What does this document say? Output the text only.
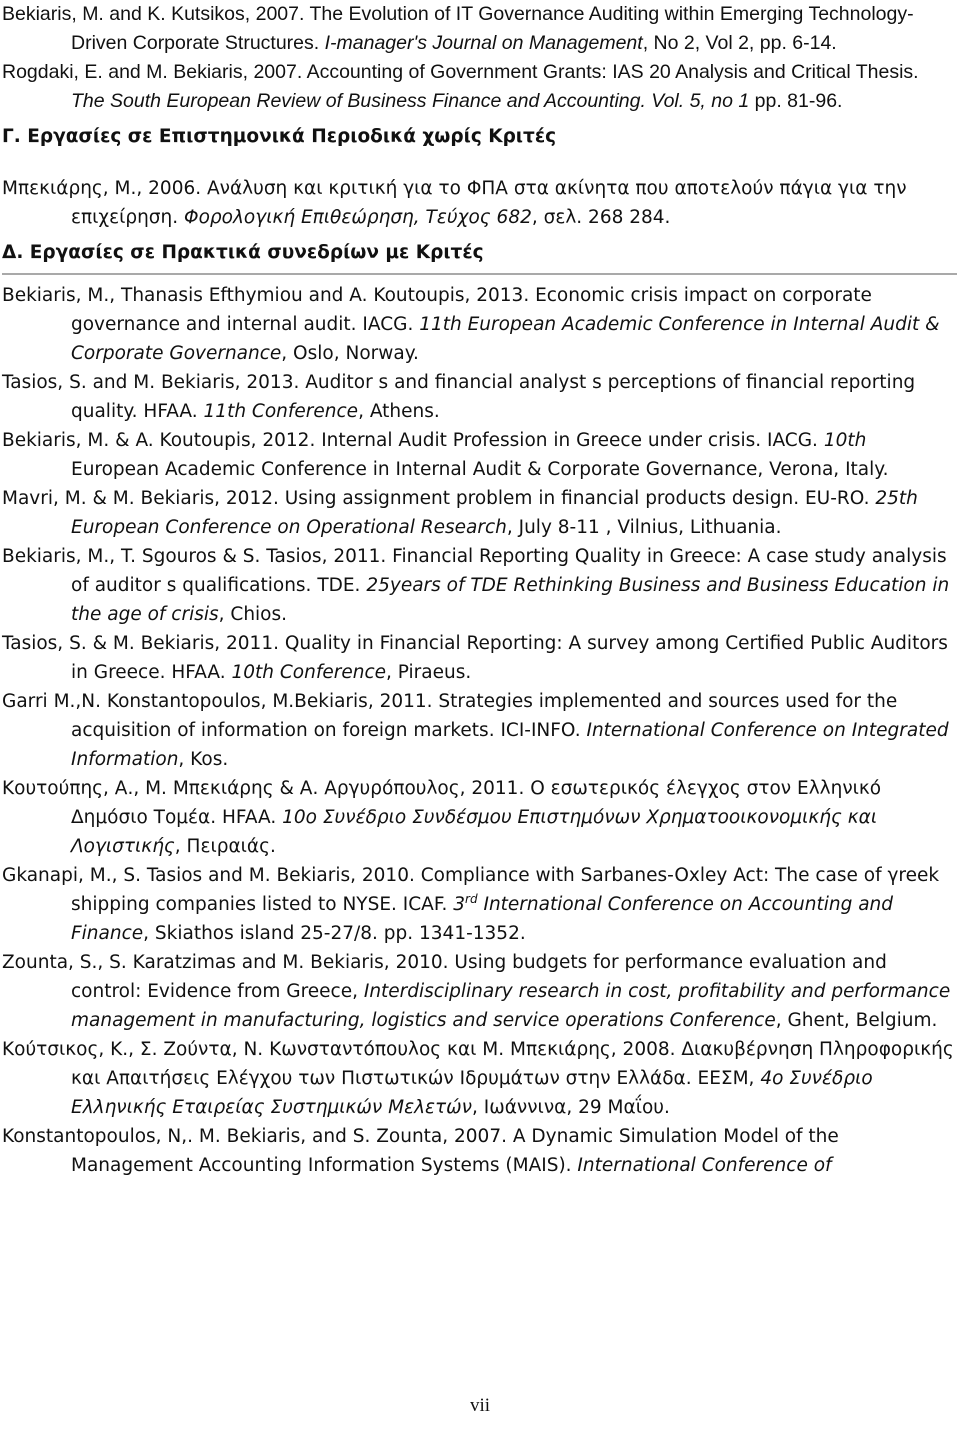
Bekiaris, M. and K. Kutsikos, 2007. The Evolution of IT Governance Auditing within Emerging Technology-Driven Corporate Structures. I-manager's Journal on Management, No 2, Vol 2, pp. 6-14.
Rogdaki, E. and M. Bekiaris, 2007. Accounting of Government Grants: IAS 20 Analysis and Critical Thesis. The South European Review of Business Finance and Accounting. Vol. 5, no 1 pp. 81-96.
Γ. Εργασίες σε Επιστημονικά Περιοδικά χωρίς Κριτές
Μπεκιάρης, Μ., 2006. Ανάλυση και κριτική για το ΦΠΑ στα ακίνητα που αποτελούν πάγια για την επιχείρηση. Φορολογική Επιθεώρηση, Τεύχος 682, σελ. 268 284.
Δ. Εργασίες σε Πρακτικά συνεδρίων με Κριτές
Bekiaris, M., Thanasis Efthymiou and A. Koutoupis, 2013. Economic crisis impact on corporate governance and internal audit. IACG. 11th European Academic Conference in Internal Audit & Corporate Governance, Oslo, Norway.
Tasios, S. and M. Bekiaris, 2013. Auditor s and financial analyst s perceptions of financial reporting quality. HFAA. 11th Conference, Athens.
Bekiaris, M. & A. Koutoupis, 2012. Internal Audit Profession in Greece under crisis. IACG. 10th European Academic Conference in Internal Audit & Corporate Governance, Verona, Italy.
Mavri, M. & M. Bekiaris, 2012. Using assignment problem in financial products design. EU-RO. 25th European Conference on Operational Research, July 8-11 , Vilnius, Lithuania.
Bekiaris, M., T. Sgouros & S. Tasios, 2011. Financial Reporting Quality in Greece: A case study analysis of auditor s qualifications. TDE. 25years of TDE Rethinking Business and Business Education in the age of crisis, Chios.
Tasios, S. & M. Bekiaris, 2011. Quality in Financial Reporting: A survey among Certified Public Auditors in Greece. HFAA. 10th Conference, Piraeus.
Garri M.,N. Konstantopoulos, M.Bekiaris, 2011. Strategies implemented and sources used for the acquisition of information on foreign markets. ICI-INFO. International Conference on Integrated Information, Kos.
Κουτούπης, Α., Μ. Μπεκιάρης & Α. Αργυρόπουλος, 2011. Ο εσωτερικός έλεγχος στον Ελληνικό Δημόσιο Τομέα. HFAA. 10ο Συνέδριο Συνδέσμου Επιστημόνων Χρηματοοικονομικής και Λογιστικής, Πειραιάς.
Gkanapi, M., S. Tasios and M. Bekiaris, 2010. Compliance with Sarbanes-Oxley Act: The case of γreek shipping companies listed to NYSE. ICAF. 3rd International Conference on Accounting and Finance, Skiathos island 25-27/8. pp. 1341-1352.
Zounta, S., S. Karatzimas and M. Bekiaris, 2010. Using budgets for performance evaluation and control: Evidence from Greece, Interdisciplinary research in cost, profitability and performance management in manufacturing, logistics and service operations Conference, Ghent, Belgium.
Κούτσικος, Κ., Σ. Ζούντα, Ν. Κωνσταντόπουλος και Μ. Μπεκιάρης, 2008. Διακυβέρνηση Πληροφορικής και Απαιτήσεις Ελέγχου των Πιστωτικών Ιδρυμάτων στην Ελλάδα. ΕΕΣΜ, 4ο Συνέδριο Ελληνικής Εταιρείας Συστημικών Μελετών, Ιωάννινα, 29 Μαΐου.
Konstantopoulos, N,. M. Bekiaris, and S. Zounta, 2007. A Dynamic Simulation Model of the Management Accounting Information Systems (MAIS). International Conference of
vii
